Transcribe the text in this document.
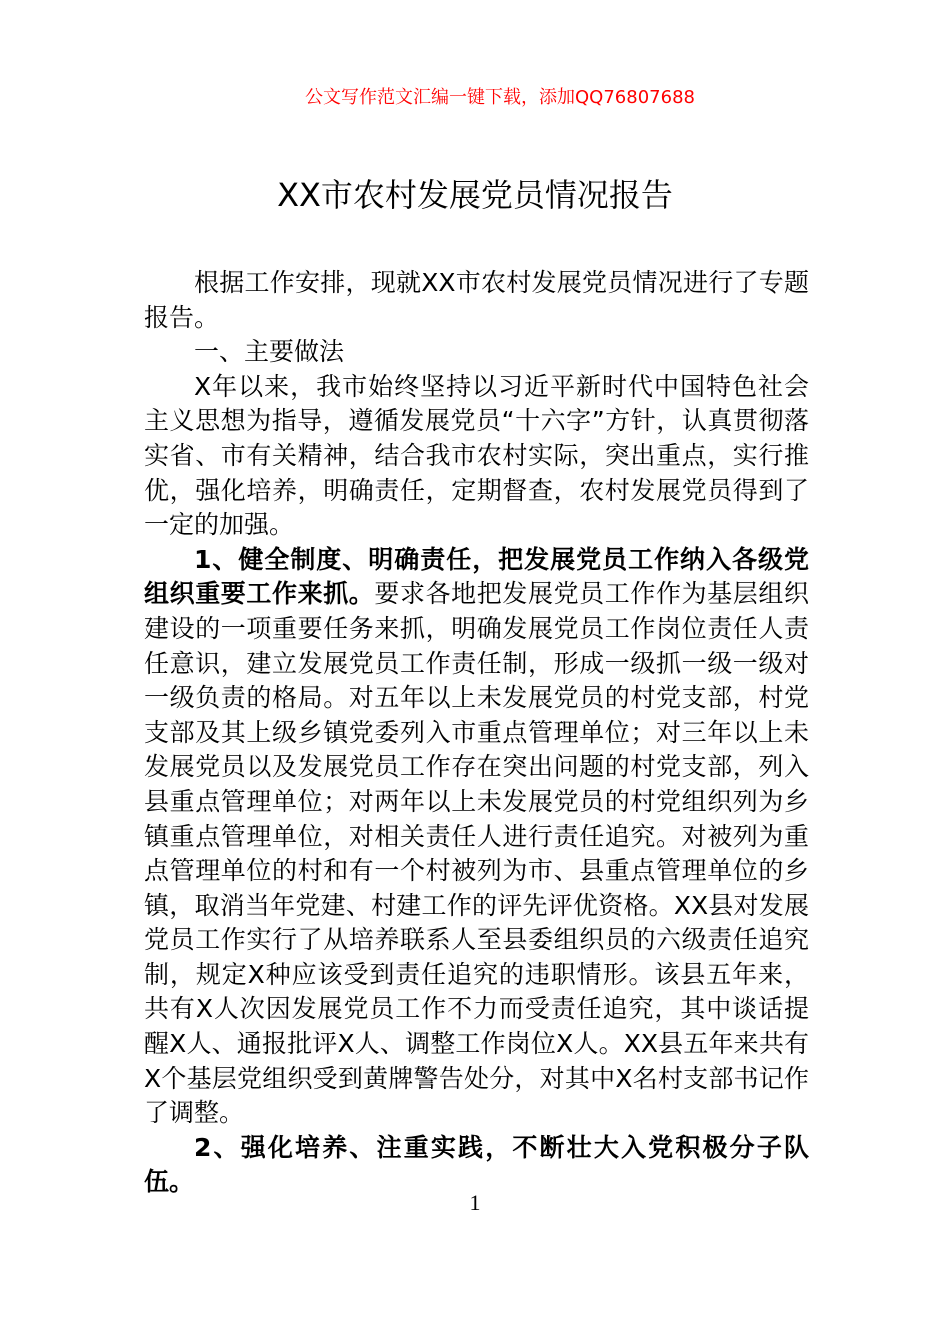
公文写作范文汇编一键下载，添加QQ76807688
XX市农村发展党员情况报告

根据工作安排，现就XX市农村发展党员情况进行了专题报告。

一、主要做法

X年以来，我市始终坚持以习近平新时代中国特色社会主义思想为指导，遵循发展党员“十六字”方针，认真贯彻落实省、市有关精神，结合我市农村实际，突出重点，实行推优，强化培养，明确责任，定期督查，农村发展党员得到了一定的加强。

1、健全制度、明确责任，把发展党员工作纳入各级党组织重要工作来抓。要求各地把发展党员工作作为基层组织建设的一项重要任务来抓，明确发展党员工作岗位责任人责任意识，建立发展党员工作责任制，形成一级抓一级一级对一级负责的格局。对五年以上未发展党员的村党支部，村党支部及其上级乡镇党委列入市重点管理单位；对三年以上未发展党员以及发展党员工作存在突出问题的村党支部，列入县重点管理单位；对两年以上未发展党员的村党组织列为乡镇重点管理单位，对相关责任人进行责任追究。对被列为重点管理单位的村和有一个村被列为市、县重点管理单位的乡镇，取消当年党建、村建工作的评先评优资格。XX县对发展党员工作实行了从培养联系人至县委组织员的六级责任追究制，规定X种应该受到责任追究的违职情形。该县五年来，共有X人次因发展党员工作不力而受责任追究，其中谈话提醒X人、通报批评X人、调整工作岗位X人。XX县五年来共有X个基层党组织受到黄牌警告处分，对其中X名村支部书记作了调整。

2、强化培养、注重实践，不断壮大入党积极分子队伍。

1
